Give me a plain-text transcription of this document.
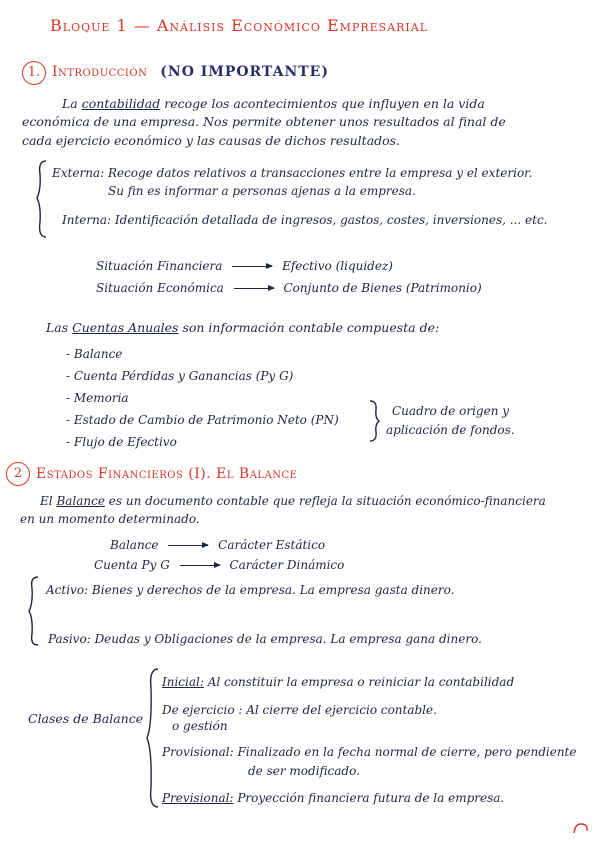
Bloque 1 — Análisis Económico Empresarial
1. Introducción (NO IMPORTANTE)
La contabilidad recoge los acontecimientos que influyen en la vida
económica de una empresa. Nos permite obtener unos resultados al final de
cada ejercicio económico y las causas de dichos resultados.
Externa: Recoge datos relativos a transacciones entre la empresa y el exterior.
Su fin es informar a personas ajenas a la empresa.
Interna: Identificación detallada de ingresos, gastos, costes, inversiones, ... etc.
Situación Financiera	Efectivo (liquidez)
Situación Económica	Conjunto de Bienes (Patrimonio)
Las Cuentas Anuales son información contable compuesta de:
- Balance
- Cuenta Pérdidas y Ganancias (Py G)
- Memoria
- Estado de Cambio de Patrimonio Neto (PN)
- Flujo de Efectivo
Cuadro de origen y
aplicación de fondos.
2 Estados Financieros (I). El Balance
El Balance es un documento contable que refleja la situación económico-financiera
en un momento determinado.
Balance	Carácter Estático
Cuenta Py G	Carácter Dinámico
Activo: Bienes y derechos de la empresa. La empresa gasta dinero.
Pasivo: Deudas y Obligaciones de la empresa. La empresa gana dinero.
Clases de Balance
Inicial: Al constituir la empresa o reiniciar la contabilidad
De ejercicio : Al cierre del ejercicio contable.
o gestión
Provisional: Finalizado en la fecha normal de cierre, pero pendiente
de ser modificado.
Previsional: Proyección financiera futura de la empresa.
